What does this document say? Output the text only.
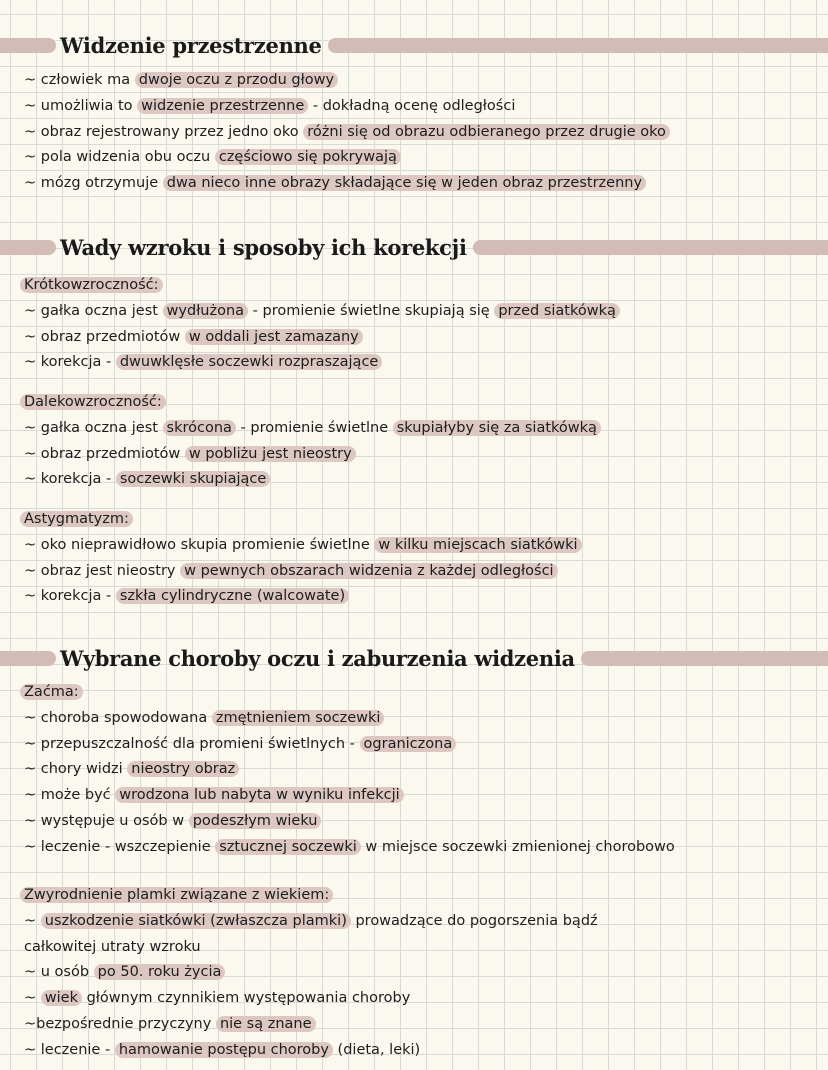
Widzenie przestrzenne
~ człowiek ma dwoje oczu z przodu głowy
~ umożliwia to widzenie przestrzenne - dokładną ocenę odległości
~ obraz rejestrowany przez jedno oko różni się od obrazu odbieranego przez drugie oko
~ pola widzenia obu oczu częściowo się pokrywają
~ mózg otrzymuje dwa nieco inne obrazy składające się w jeden obraz przestrzenny
Wady wzroku i sposoby ich korekcji
Krótkowzroczność:
~ gałka oczna jest wydłużona - promienie świetlne skupiają się przed siatkówką
~ obraz przedmiotów w oddali jest zamazany
~ korekcja - dwuwklęsłe soczewki rozpraszające
Dalekowzroczność:
~ gałka oczna jest skrócona - promienie świetlne skupiałyby się za siatkówką
~ obraz przedmiotów w pobliżu jest nieostry
~ korekcja - soczewki skupiające
Astygmatyzm:
~ oko nieprawidłowo skupia promienie świetlne w kilku miejscach siatkówki
~ obraz jest nieostry w pewnych obszarach widzenia z każdej odległości
~ korekcja - szkła cylindryczne (walcowate)
Wybrane choroby oczu i zaburzenia widzenia
Zaćma:
~ choroba spowodowana zmętnieniem soczewki
~ przepuszczalność dla promieni świetlnych - ograniczona
~ chory widzi nieostry obraz
~ może być wrodzona lub nabyta w wyniku infekcji
~ występuje u osób w podeszłym wieku
~ leczenie - wszczepienie sztucznej soczewki w miejsce soczewki zmienionej chorobowo
Zwyrodnienie plamki związane z wiekiem:
~ uszkodzenie siatkówki (zwłaszcza plamki) prowadzące do pogorszenia bądź
całkowitej utraty wzroku
~ u osób po 50. roku życia
~ wiek głównym czynnikiem występowania choroby
~bezpośrednie przyczyny nie są znane
~ leczenie - hamowanie postępu choroby (dieta, leki)
